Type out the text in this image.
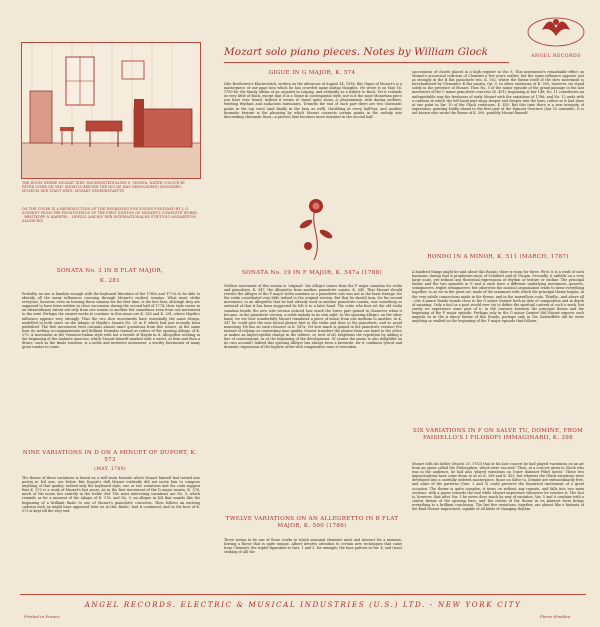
THE ROOM WHERE MOZART DIED. RAUHENSTEINGASSE 8, VIENNA. WATER COLOUR BY PETER LYSER (IN 1847 SHORTLY BEFORE THE HOUSE WAS DEMOLISHED) INSCRIBED: MUSEUM DER STADT WIEN. MOZART GEDENKSTAETTE
ON THE COVER IS A REPRODUCTION OF THE ENGRAVING FOR VOICES FOR PIANO BY J. G. SCHMIDT FROM THE FRONTISPIECE OF THE FIRST EDITION OF MOZART'S COMPLETE WORKS · BREITKOPF & HAERTEL · LEIPZIG (ARCHIV DER INTERNATIONALEN STIFTUNG MOZARTEUM SALZBURG)
Mozart solo piano pieces. Notes by William Glock	ANGEL RECORDS
SONATA No. 3 IN B FLAT MAJOR,
K. 281
Probably no one is familiar enough with the keyboard literature of the 1760s and 1770s to be able to identify all the many influences coursing through Mozart's earliest sonatas. What must strike everyone, however, even on hearing these sonatas for the first time, is the fact that, although they are supposed to have been written in close succession during the second half of 1774, their style varies to an extraordinary extent not only from one sonata to another but sometimes even from one movement to the next. Perhaps the easiest works to continue in this sense are K. 280 and K. 281, where Haydn's influence appears very strongly. Thus the two slow movements have essentially the same design, modelled in both cases on the Adagio of Haydn's Sonata No. 20 in F, which had just recently been published. The first movement even contains almost exact quotations from this source, at the same time its melting accompaniments and brilliant formulas remind us rather of the opening Allegro of K. 279. A movement in the Viennese-Italian style with but a breath of Haydn in it. Altogether nothing in the beginning of the Andante amoroso, which Mozart himself marked with a sweet, so firm and then a divine, such as the finale rondeau, is a noble and inventive movement, a worthy forerunner of many great rondos to come.
NINE VARIATIONS IN D ON A MINUET OF DUPORT, K. 573
(MAY, 1789)
The theme of these variations is based on a well-worn formula which Mozart himself had turned into poetry in Dal mio, see below. But Duport's dull Minuet evidently did not incite him to compose anything of that quality; indeed only the keyboard style, one or two variations and the coda suggest that K. 573 is a work of Mozart's last years. As in the first movement of the D major sonata, K. 576, much of the music lies entirely in the treble clef. The most interesting variations are No. 5, which reminds us for a moment of the Adagio of K. 576, and No. 9, an allegro in 4/4 that sounds like the beginning of a brilliant finale to one of Mozart's pianoforte concertos. Then follows an exciting cadenza such as might have appeared later on in this 'finale,' had it continued; and so the best of K. 573 is kept till the very end.
GIGUE IN G MAJOR, K. 574
Like Beethoven's Klavierstück, written on the afternoon of August 14, 1818, this Gigue of Mozart's is a masterpiece of one page into which he has crowded many daring thoughts. He wrote it on May 16, 1789 for the family album of an organist in Leipzig, and evidently as a tribute to Bach. Yet it reminds us very little of Bach, except that it is a Gigue in contrapuntal style, nor is it the most Mozartian piece you have ever heard. Indeed it seems to stand quite alone—a phenomenon with daring outlines, twisting rhythms and audacious harmonies. Towards the end of each part there are two chromatic peaks in the top voice (and finally in the bass as well), throbbing at every half-bar; and another dramatic feature is the phrasing by which Mozart connects certain points in the melody into descending chromatic lines—a process that becomes more insistent in the second half.
SONATA No. 19 IN F MAJOR, K. 547a (1788)
Neither movement of this sonata is 'original': the Allegro comes from the F major sonatina for violin and pianoforte, K. 547; the Allegretto from another pianoforte sonata, K. 545. That Mozart should rewrite the Allegro of the F major violin sonatina as a pianoforte solo was not in the least strange, for the violin contributed very little indeed to the original version. But that he should turn, for his second movement, to an Allegretto that he had already used in another pianoforte sonata, was something so unheard of that it has been suggested he left it to a later hand. The critic who first set the old violin sonatina beside the new solo version noticed how much the lower part gained in character when it became, in the pianoforte version, a noble melody in its own right. In the opening Allegro, on the other hand, we see how wonderfully Mozart translates a piece of music from one medium to another. In K. 547 he could give the new lyrical phrase first to the violin and then to the pianoforte, and so avoid monotony. He has no such resource in K. 547a. Yet how much is gained in the pianoforte version! For instead of relying on contrasting tone quality, Mozart transfers the phrase from one hand to the other, or makes an imperceptible change in the texture, or, best of all, heightens the repetition by adding a line of counterpoint, as at the beginning of the development. Of course the music is also delightful on its own account! Indeed this opening Allegro has always been a favourite, for it combines lyrical and dramatic expression of the highest order with comparative ease of execution.
TWELVE VARIATIONS ON AN ALLEGRETTO IN B FLAT MAJOR, K. 500 (1786)
There seems to be one of those works in which seasonal elements meet and interact for a moment, leaving a flavor that is quite unique. Albert devotes attention to certain new techniques that came from Clementi: the triplet figuration in Vars. 1 and 2, for example; the bass pattern in Var. 4; and (most striking of all) the
successions of chords placed in a high register in Var. 8. This instrument's remarkable effect on Mozart's acoustical criticism of Clementi a few years earlier; but the same influence appears just as strongly in the B flat pianoforte trio, K. 502, where the theme itself of the slow movement is foreshadowed by Clementi's B flat sonata, Op. 9. In other variations of K. 500, however, we stand solely in the presence of Mozart. Thus No. 5 of the minor episode of the grand passage in the last movement of the C minor pianoforte concerto (K. 491), beginning at bar 148; No. 11 contributes an unforgettable way the freshness of early Mozart with the variations of 1786; and No. 12 ends with a cadenza in which the left hand part sings deeper and deeper into the bass, rather as it had done at one point in Var. 10 of the Gluck variations, K. 455. But this time there is a new intensity of expression, pointing boldly ahead to the first part of the Egmont Overture (bar 15 onwards). It is not known who wrote the theme of K. 500; possibly Mozart himself.
RONDO IN A MINOR, K. 511 (MARCH, 1787)
A hundred things might be said about this Rondo; there is room for three. First, it is a work of such harmonic daring that it prophesies most of Schubert and of Chopin. Secondly, it unfolds on a very large scale, yet without any theatrical expressions of rhythm or texture or outline. The principal theme and the two episodes in F and A each have a different underlying movement—quavers, semiquavers, triplet semiquavers; but otherwise the musical organisation tends to draw everything together, so as we in the great arc made of the ornament with which the principal theme begins, in the very subtle connections made in the theme, and in the marvellous coda. Thirdly—and above all—the A minor Rondo stands close to the G minor Quintet both in date of composition and in depth of meaning. Only a fool or a poet would ever try to define the spiritual content of such a work, but surely we experience some part of it, in the contrast between the principal theme and the beginning of the F major episode. Perhaps only in the G minor Quintet did Mozart express such anguish as in the A minor theme of this Rondo; perhaps only in Die Zauberflöte did he write anything so exalted as the beginning of the F major episode that follows.
SIX VARIATIONS IN F ON SALVE TU, DOMINE, FROM PAISIELLO'S I FILOSOFI IMMAGINARII, K. 398
Mozart tells his father (March 29, 1783) that at his last concert he had played 'variations on an air from an opera called Die Philosophen, which were encored.' Then, at a concert given to Gluck who was in the audience, he had also 'played variations on Unser dummer Pöbel meint.' These two improvisations have come down to us as K. 398 and K. 455; but whereas the Gluck variations were developed into a carefully ordered masterpiece, those on Salve tu, Domine are extraordinarily free, and some of the patterns (Vars. 2 and 3) could preserve the theatrical excitement of a great occasion. The theme is quite complex; it turns on without any repeats, and falls into two main sections, with a pause towards the end while Mozart improvises whenever he reaches it. The fact is, however, that after Var. 3 he never does much by way of variation; Var. 5 and 6 combine with a cantus firmus of the opening bars, and the return of the theme in its plainest form brings everything to a brilliant conclusion. The last five variations, together, are almost like a fantasia of the kind Mozart improvised, capable of all kinds of changing rhythm.
ANGEL RECORDS. ELECTRIC & MUSICAL INDUSTRIES (U.S.) LTD. - NEW YORK CITY
Printed in France	Pierre Fondère
